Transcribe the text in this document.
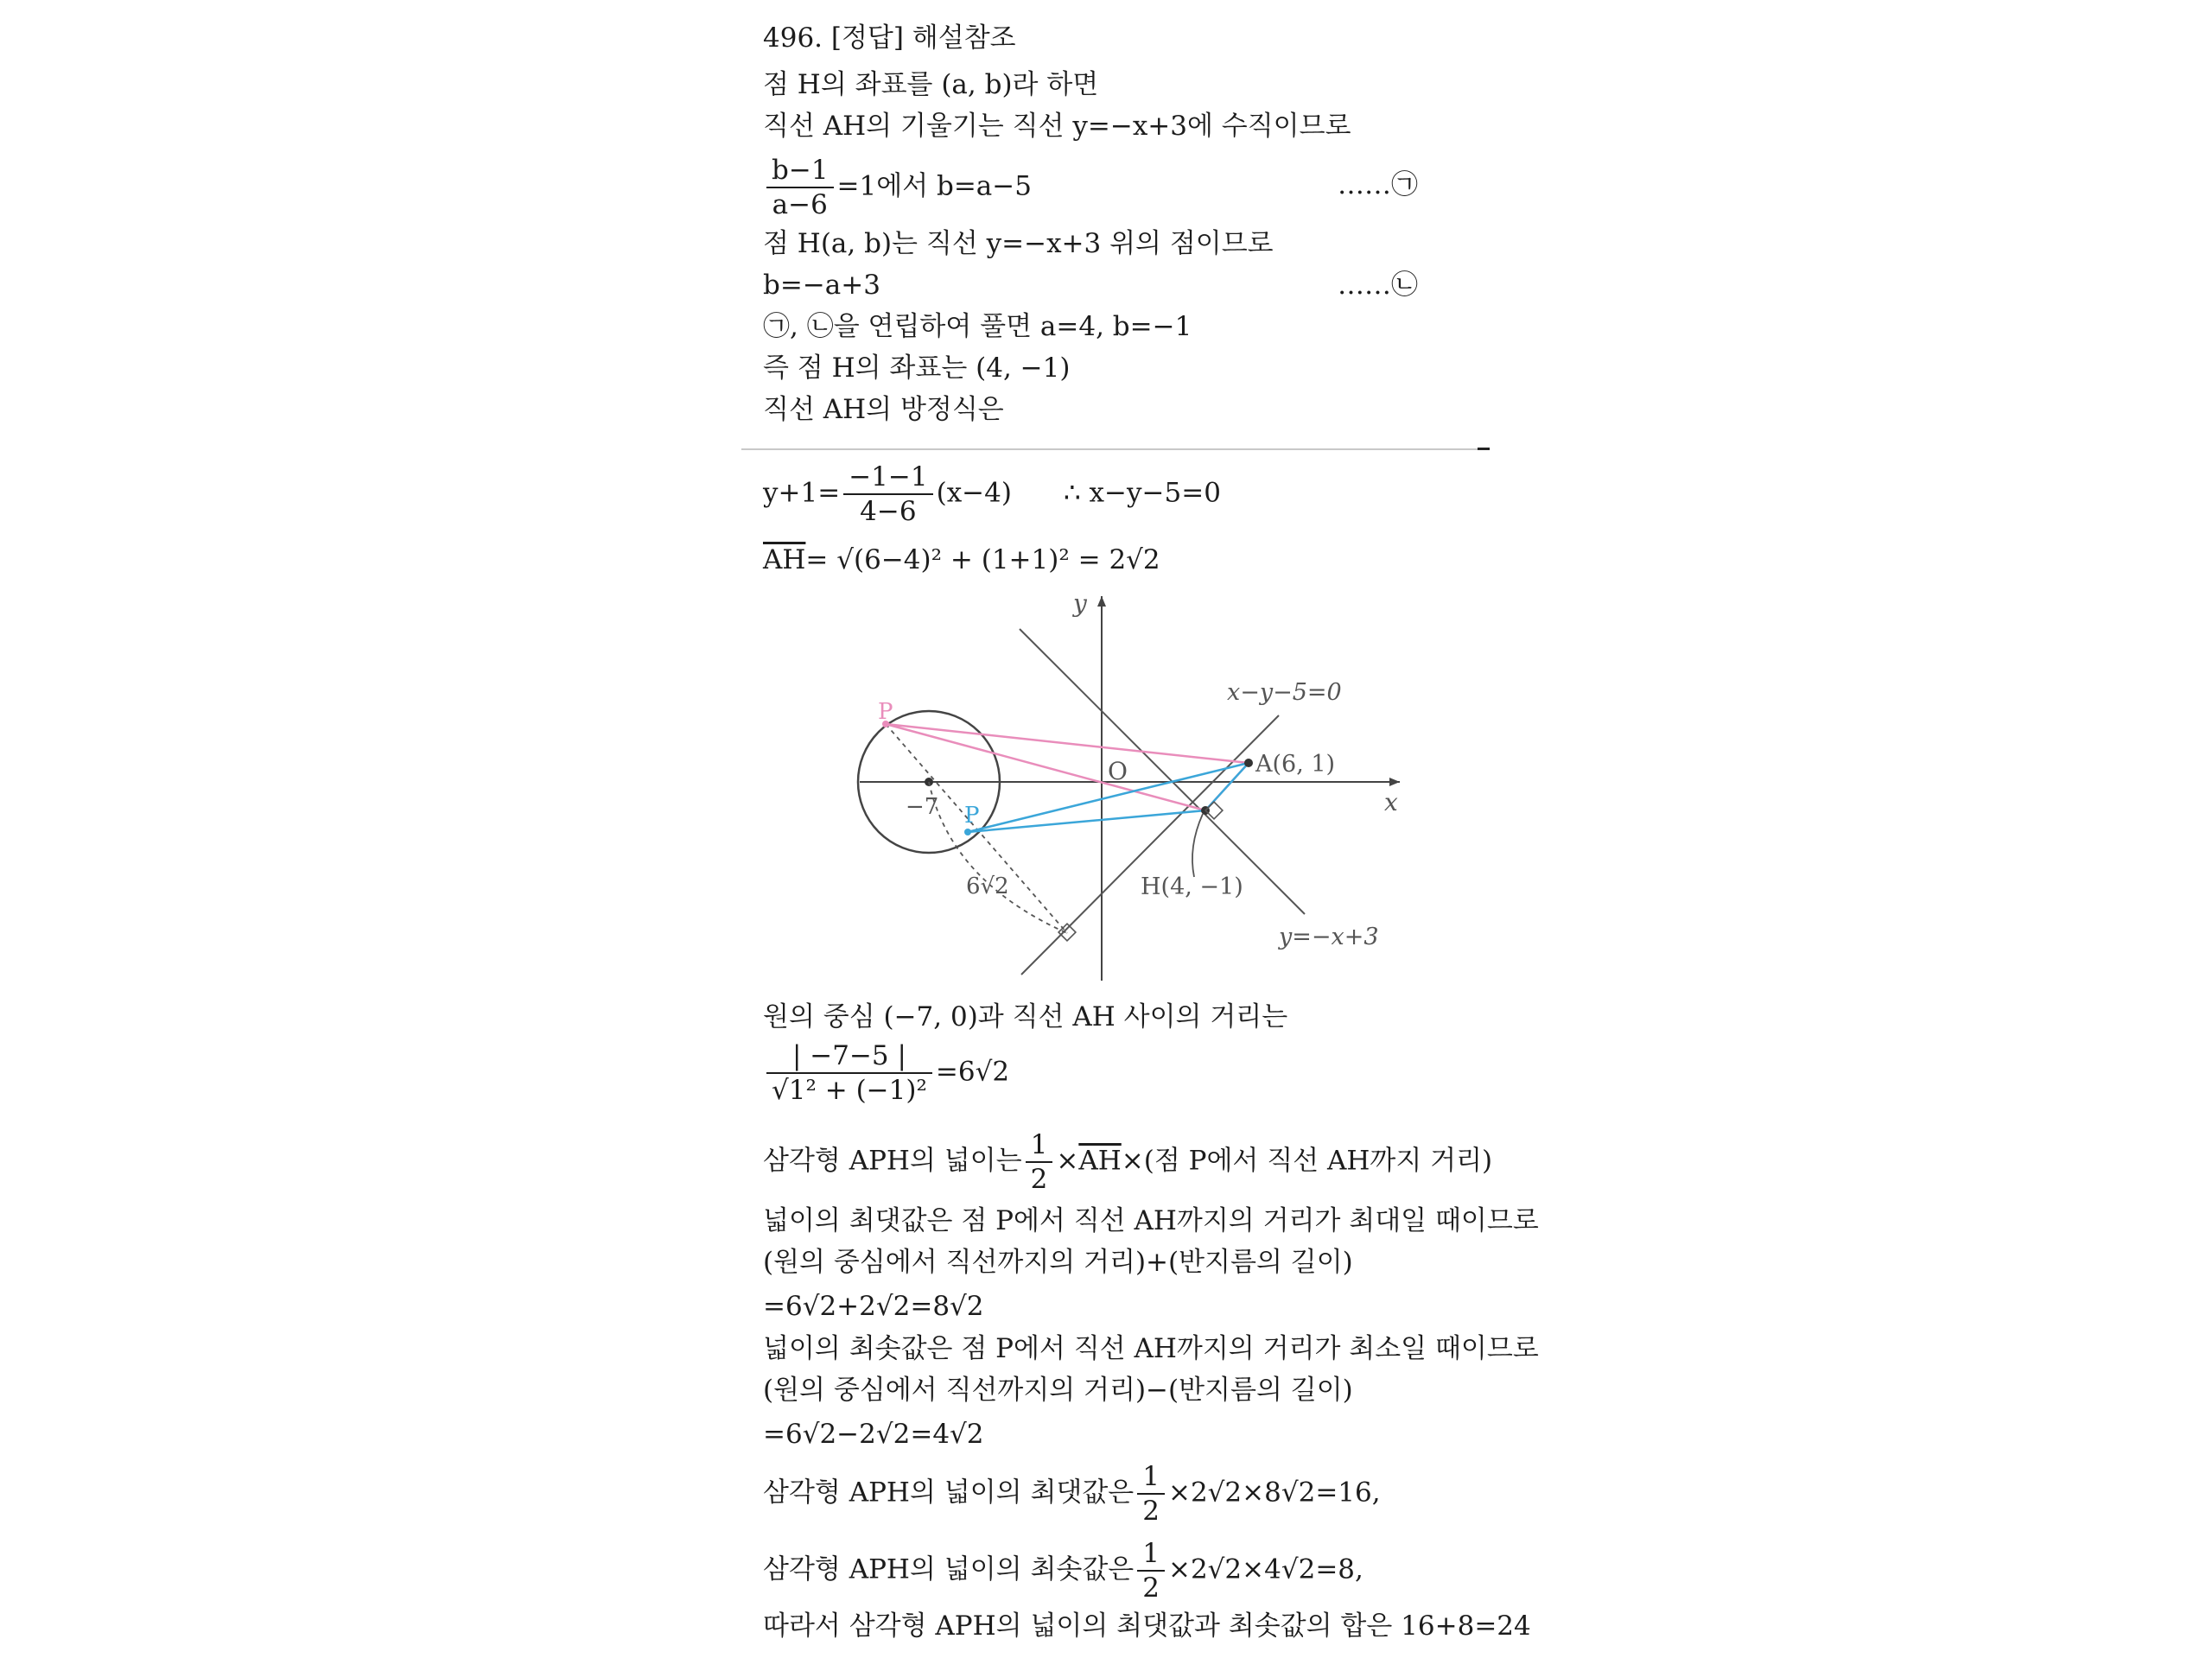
496. [정답] 해설참조
점 H의 좌표를 (a, b)라 하면
직선 AH의 기울기는 직선 y=−x+3에 수직이므로
$\frac{b-1}{a-6} =1$에서 b=a−5	……㉠
점 H(a, b)는 직선 y=−x+3 위의 점이므로
b=−a+3	……㉡
㉠, ㉡을 연립하여 풀면 a=4, b=−1
즉 점 H의 좌표는 (4, −1)
직선 AH의 방정식은
$y+1= \frac{-1-1}{4-6} (x-4)$ ∴ x−y−5=0
$\overline{AH}= √(6-4)^2 + (1+1)^2 = 2√2$
y
x
O
−7
6√2
P
P
A(6, 1)
H(4, −1)
x−y−5=0
y=−x+3
원의 중심 (−7, 0)과 직선 AH 사이의 거리는
$\frac{| -7-5 |}{\text{√1² + (−1)²}} =6√2$
삼각형 APH의 넓이는 $\frac{1}{2} \times\overline{AH}\times$(점 P에서 직선 AH까지 거리)
넓이의 최댓값은 점 P에서 직선 AH까지의 거리가 최대일 때이므로
(원의 중심에서 직선까지의 거리)+(반지름의 길이)
=6√2+2√2=8√2
넓이의 최솟값은 점 P에서 직선 AH까지의 거리가 최소일 때이므로
(원의 중심에서 직선까지의 거리)−(반지름의 길이)
=6√2−2√2=4√2
삼각형 APH의 넓이의 최댓값은 $\frac{1}{2} \times 2√2\times 8√2=16$,
삼각형 APH의 넓이의 최솟값은 $\frac{1}{2} \times 2√2\times 4√2=8$,
따라서 삼각형 APH의 넓이의 최댓값과 최솟값의 합은 16+8=24
